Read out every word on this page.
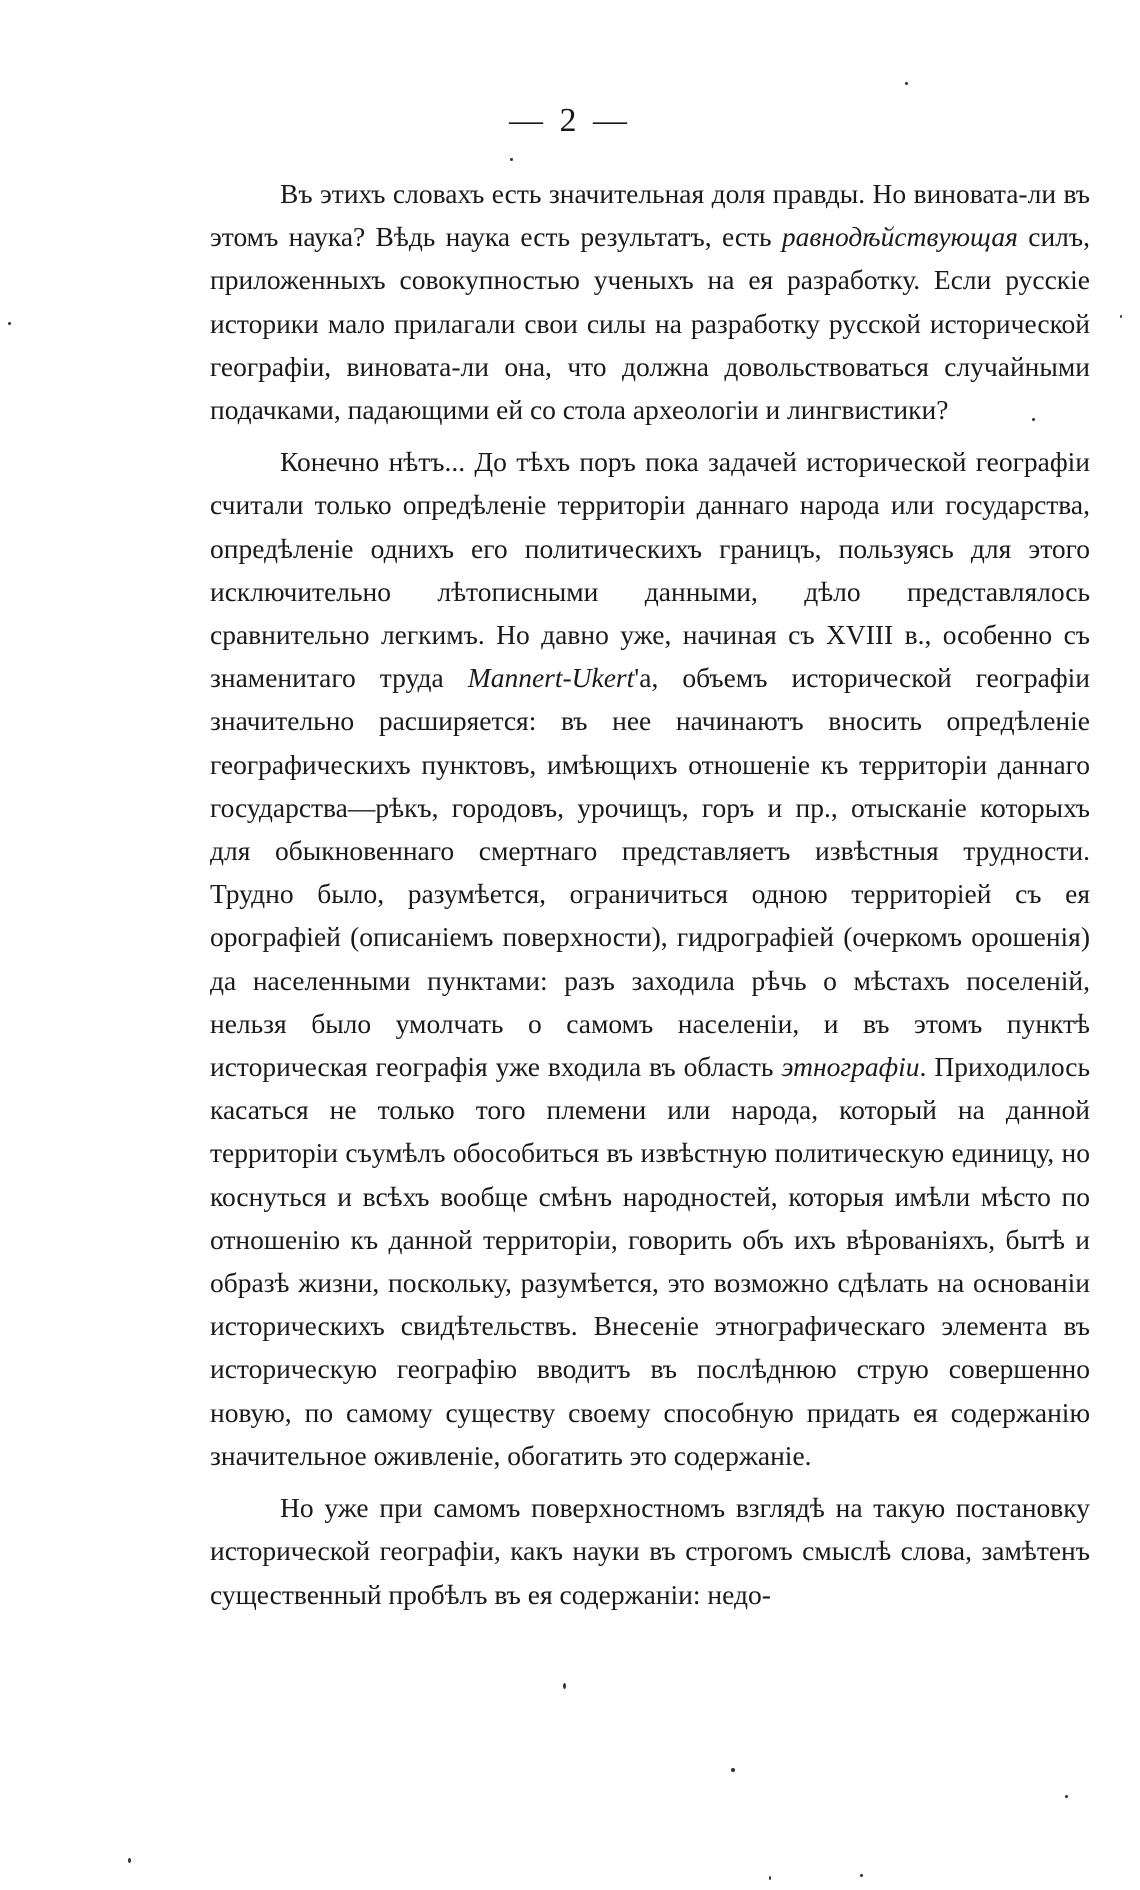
— 2 —

Въ этихъ словахъ есть значительная доля правды. Но виновата-ли въ этомъ наука? Вѣдь наука есть результатъ, есть равнодѣйствующая силъ, приложенныхъ совокупностью ученыхъ на ея разработку. Если русскіе историки мало прилагали свои силы на разработку русской исторической географіи, виновата-ли она, что должна довольствоваться случайными подачками, падающими ей со стола археологіи и лингвистики?

Конечно нѣтъ... До тѣхъ поръ пока задачей исторической географіи считали только опредѣленіе территоріи даннаго народа или государства, опредѣленіе однихъ его политическихъ границъ, пользуясь для этого исключительно лѣтописными данными, дѣло представлялось сравнительно легкимъ. Но давно уже, начиная съ XVIII в., особенно съ знаменитаго труда Mannert-Ukert'а, объемъ исторической географіи значительно расширяется: въ нее начинаютъ вносить опредѣленіе географическихъ пунктовъ, имѣющихъ отношеніе къ территоріи даннаго государства—рѣкъ, городовъ, урочищъ, горъ и пр., отысканіе которыхъ для обыкновеннаго смертнаго представляетъ извѣстныя трудности. Трудно было, разумѣется, ограничиться одною территоріей съ ея орографіей (описаніемъ поверхности), гидрографіей (очеркомъ орошенія) да населенными пунктами: разъ заходила рѣчь о мѣстахъ поселеній, нельзя было умолчать о самомъ населеніи, и въ этомъ пунктѣ историческая географія уже входила въ область этнографіи. Приходилось касаться не только того племени или народа, который на данной территоріи съумѣлъ обособиться въ извѣстную политическую единицу, но коснуться и всѣхъ вообще смѣнъ народностей, которыя имѣли мѣсто по отношенію къ данной территоріи, говорить объ ихъ вѣрованіяхъ, бытѣ и образѣ жизни, поскольку, разумѣется, это возможно сдѣлать на основаніи историческихъ свидѣтельствъ. Внесеніе этнографическаго элемента въ историческую географію вводитъ въ послѣднюю струю совершенно новую, по самому существу своему способную придать ея содержанію значительное оживленіе, обогатить это содержаніе.

Но уже при самомъ поверхностномъ взглядѣ на такую постановку исторической географіи, какъ науки въ строгомъ смыслѣ слова, замѣтенъ существенный пробѣлъ въ ея содержаніи: недо-
